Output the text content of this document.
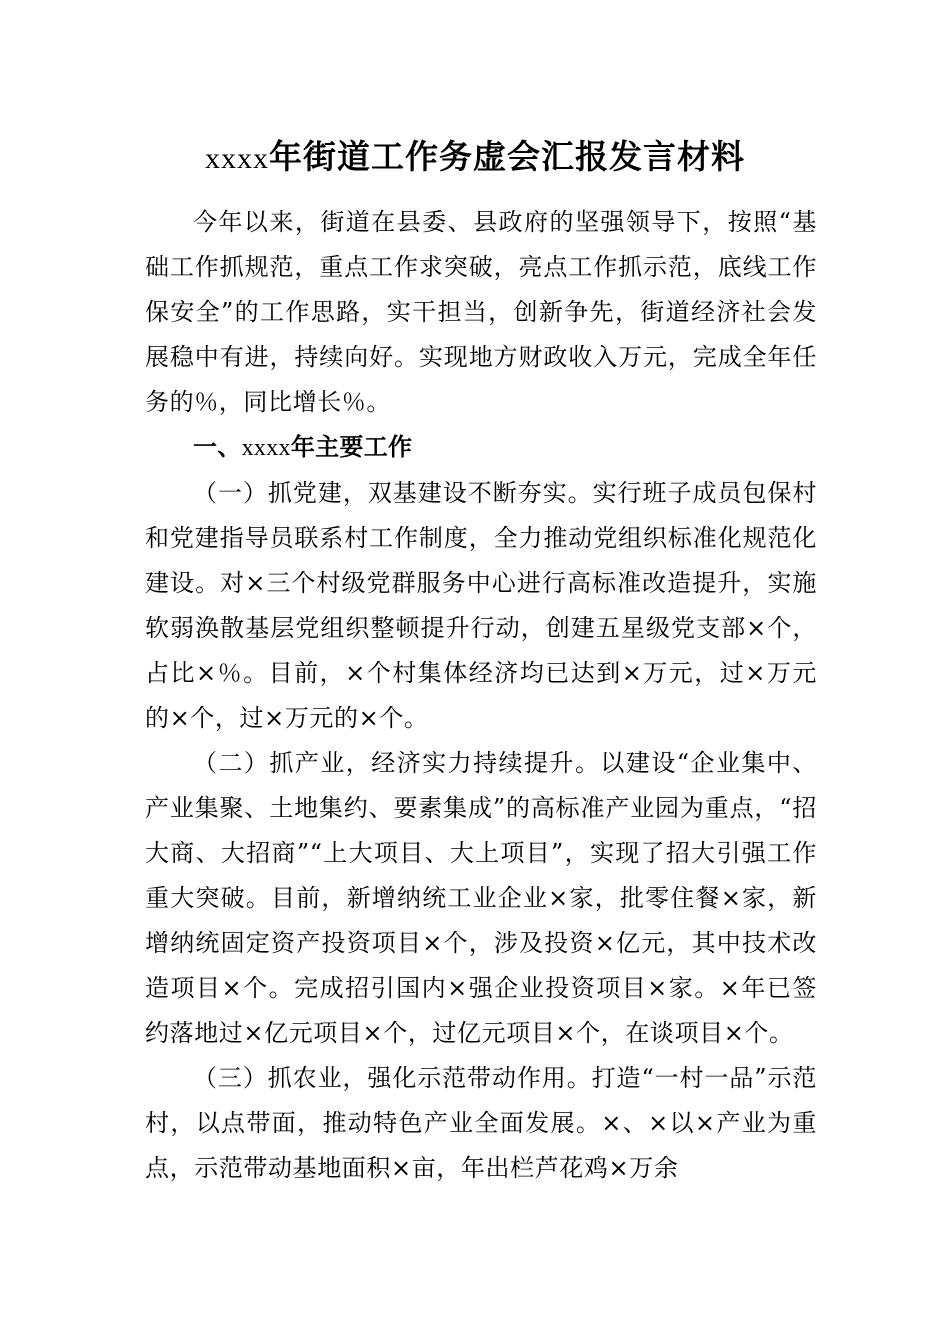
xxxx年街道工作务虚会汇报发言材料

今年以来，街道在县委、县政府的坚强领导下，按照“基础工作抓规范，重点工作求突破，亮点工作抓示范，底线工作保安全”的工作思路，实干担当，创新争先，街道经济社会发展稳中有进，持续向好。实现地方财政收入万元，完成全年任务的％，同比增长％。

一、xxxx年主要工作

（一）抓党建，双基建设不断夯实。实行班子成员包保村和党建指导员联系村工作制度，全力推动党组织标准化规范化建设。对×三个村级党群服务中心进行高标准改造提升，实施软弱涣散基层党组织整顿提升行动，创建五星级党支部×个，占比×％。目前，×个村集体经济均已达到×万元，过×万元的×个，过×万元的×个。

（二）抓产业，经济实力持续提升。以建设“企业集中、产业集聚、土地集约、要素集成”的高标准产业园为重点，“招大商、大招商”“上大项目、大上项目”，实现了招大引强工作重大突破。目前，新增纳统工业企业×家，批零住餐×家，新增纳统固定资产投资项目×个，涉及投资×亿元，其中技术改造项目×个。完成招引国内×强企业投资项目×家。×年已签约落地过×亿元项目×个，过亿元项目×个，在谈项目×个。

（三）抓农业，强化示范带动作用。打造“一村一品”示范村，以点带面，推动特色产业全面发展。×、×以×产业为重点，示范带动基地面积×亩，年出栏芦花鸡×万余
